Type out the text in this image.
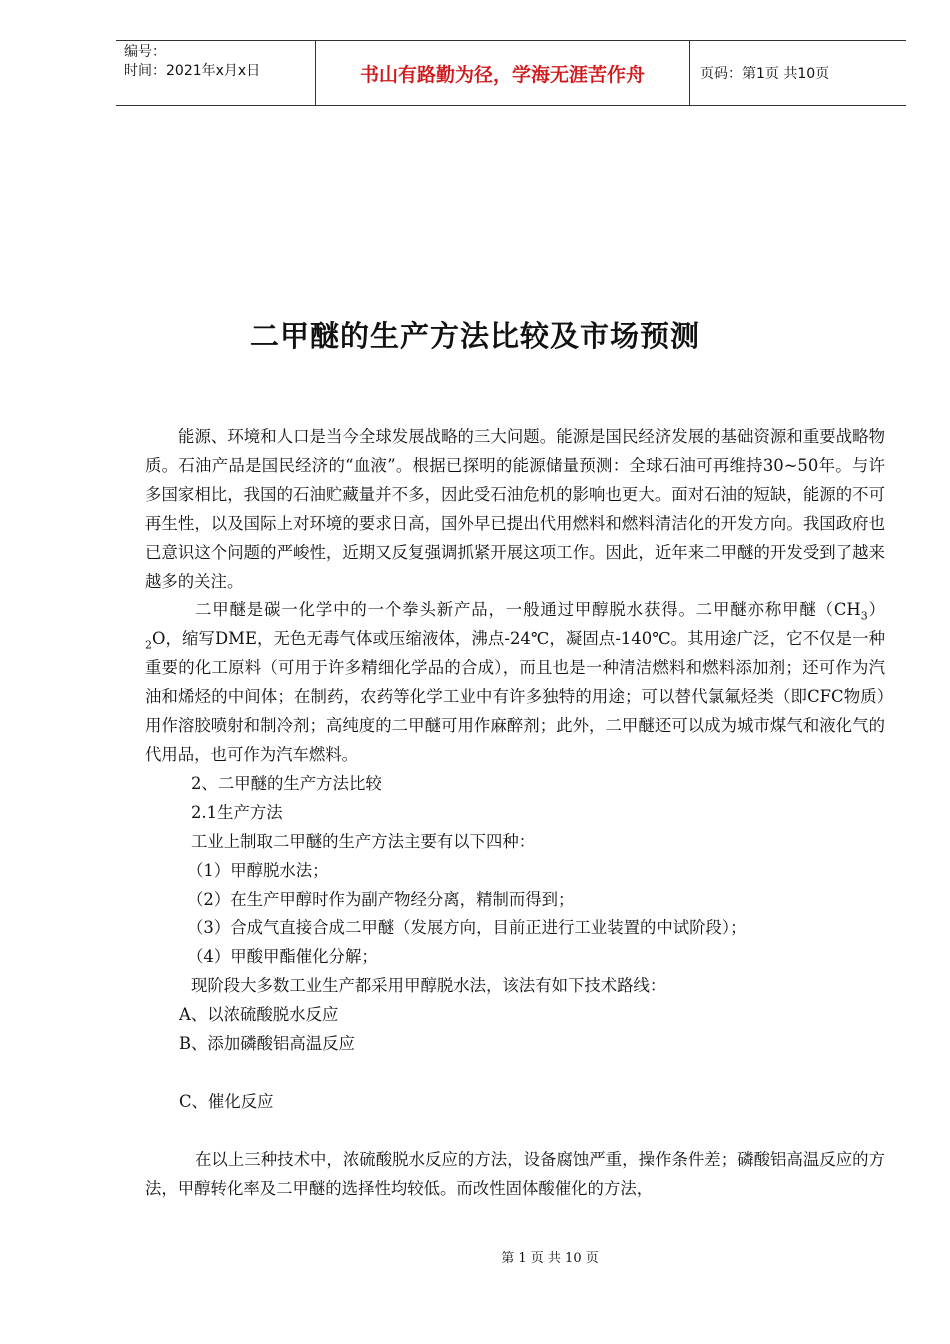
编号：
时间：2021年x月x日	书山有路勤为径，学海无涯苦作舟	页码：第1页 共10页
二甲醚的生产方法比较及市场预测

能源、环境和人口是当今全球发展战略的三大问题。能源是国民经济发展的基础资源和重要战略物质。石油产品是国民经济的“血液”。根据已探明的能源储量预测：全球石油可再维持30~50年。与许多国家相比，我国的石油贮藏量并不多，因此受石油危机的影响也更大。面对石油的短缺，能源的不可再生性，以及国际上对环境的要求日高，国外早已提出代用燃料和燃料清洁化的开发方向。我国政府也已意识这个问题的严峻性，近期又反复强调抓紧开展这项工作。因此，近年来二甲醚的开发受到了越来越多的关注。

二甲醚是碳一化学中的一个拳头新产品，一般通过甲醇脱水获得。二甲醚亦称甲醚$(CH_3)_2O$，缩写DME，无色无毒气体或压缩液体，沸点-24℃，凝固点-140℃。其用途广泛，它不仅是一种重要的化工原料（可用于许多精细化学品的合成），而且也是一种清洁燃料和燃料添加剂；还可作为汽油和烯烃的中间体；在制药，农药等化学工业中有许多独特的用途；可以替代氯氟烃类（即CFC物质）用作溶胶喷射和制冷剂；高纯度的二甲醚可用作麻醉剂；此外，二甲醚还可以成为城市煤气和液化气的代用品，也可作为汽车燃料。

2、二甲醚的生产方法比较

2.1生产方法

工业上制取二甲醚的生产方法主要有以下四种：

（1）甲醇脱水法；

（2）在生产甲醇时作为副产物经分离，精制而得到；

（3）合成气直接合成二甲醚（发展方向，目前正进行工业装置的中试阶段）；

（4）甲酸甲酯催化分解；

现阶段大多数工业生产都采用甲醇脱水法，该法有如下技术路线：

A、以浓硫酸脱水反应

B、添加磷酸铝高温反应

C、催化反应

在以上三种技术中，浓硫酸脱水反应的方法，设备腐蚀严重，操作条件差；磷酸铝高温反应的方法，甲醇转化率及二甲醚的选择性均较低。而改性固体酸催化的方法，

第 1 页 共 10 页
